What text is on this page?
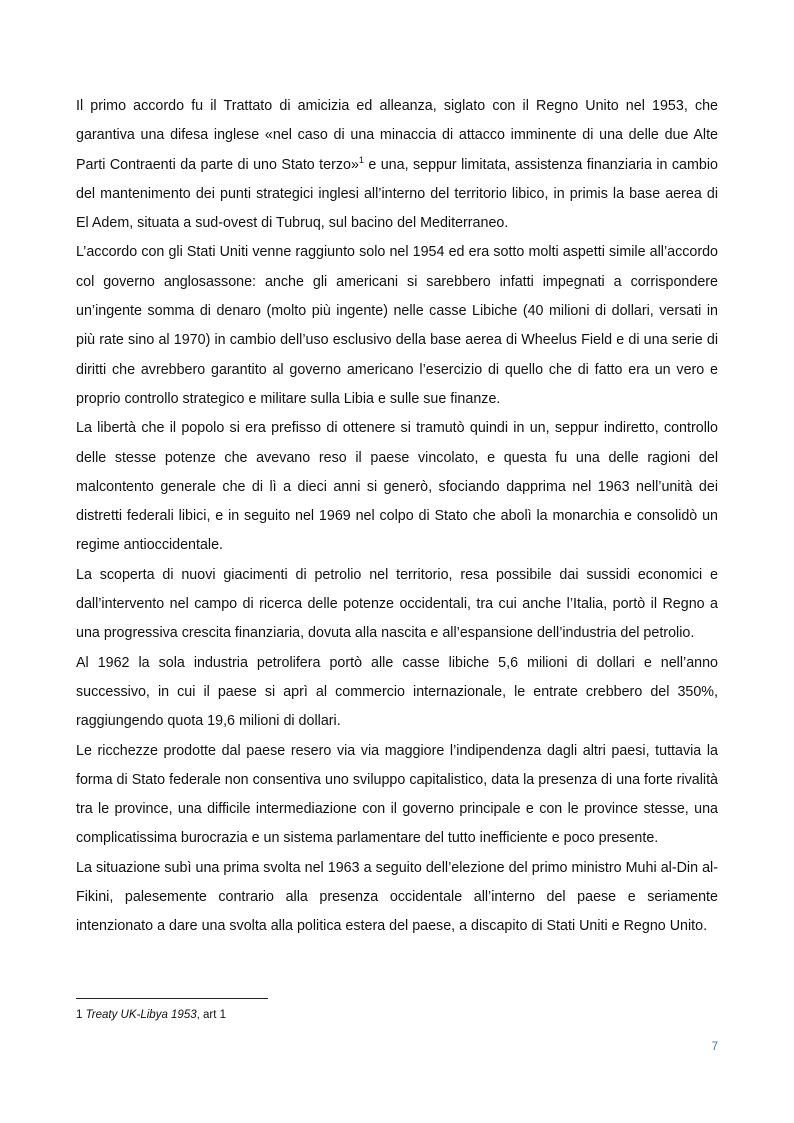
Il primo accordo fu il Trattato di amicizia ed alleanza, siglato con il Regno Unito nel 1953, che garantiva una difesa inglese «nel caso di una minaccia di attacco imminente di una delle due Alte Parti Contraenti da parte di uno Stato terzo»$^1$ e una, seppur limitata, assistenza finanziaria in cambio del mantenimento dei punti strategici inglesi all’interno del territorio libico, in primis la base aerea di El Adem, situata a sud-ovest di Tubruq, sul bacino del Mediterraneo.

L’accordo con gli Stati Uniti venne raggiunto solo nel 1954 ed era sotto molti aspetti simile all’accordo col governo anglosassone: anche gli americani si sarebbero infatti impegnati a corrispondere un’ingente somma di denaro (molto più ingente) nelle casse Libiche (40 milioni di dollari, versati in più rate sino al 1970) in cambio dell’uso esclusivo della base aerea di Wheelus Field e di una serie di diritti che avrebbero garantito al governo americano l’esercizio di quello che di fatto era un vero e proprio controllo strategico e militare sulla Libia e sulle sue finanze.

La libertà che il popolo si era prefisso di ottenere si tramutò quindi in un, seppur indiretto, controllo delle stesse potenze che avevano reso il paese vincolato, e questa fu una delle ragioni del malcontento generale che di lì a dieci anni si generò, sfociando dapprima nel 1963 nell’unità dei distretti federali libici, e in seguito nel 1969 nel colpo di Stato che abolì la monarchia e consolidò un regime antioccidentale.

La scoperta di nuovi giacimenti di petrolio nel territorio, resa possibile dai sussidi economici e dall’intervento nel campo di ricerca delle potenze occidentali, tra cui anche l’Italia, portò il Regno a una progressiva crescita finanziaria, dovuta alla nascita e all’espansione dell’industria del petrolio.

Al 1962 la sola industria petrolifera portò alle casse libiche 5,6 milioni di dollari e nell’anno successivo, in cui il paese si aprì al commercio internazionale, le entrate crebbero del 350%, raggiungendo quota 19,6 milioni di dollari.

Le ricchezze prodotte dal paese resero via via maggiore l’indipendenza dagli altri paesi, tuttavia la forma di Stato federale non consentiva uno sviluppo capitalistico, data la presenza di una forte rivalità tra le province, una difficile intermediazione con il governo principale e con le province stesse, una complicatissima burocrazia e un sistema parlamentare del tutto inefficiente e poco presente.

La situazione subì una prima svolta nel 1963 a seguito dell’elezione del primo ministro Muhi al-Din al-Fikini, palesemente contrario alla presenza occidentale all’interno del paese e seriamente intenzionato a dare una svolta alla politica estera del paese, a discapito di Stati Uniti e Regno Unito.

1 Treaty UK-Libya 1953, art 1
7
